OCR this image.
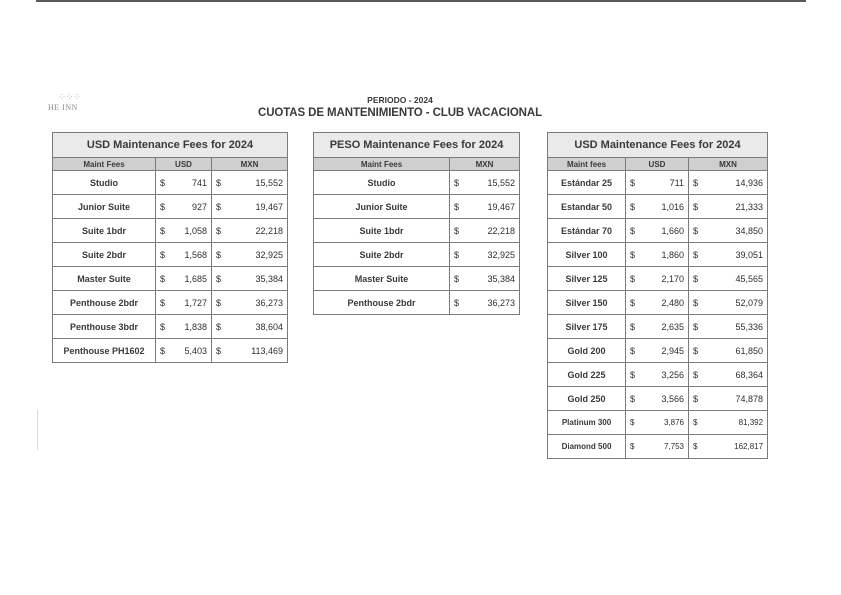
⁘⁘⁘
HE INN
PERIODO - 2024
CUOTAS DE MANTENIMIENTO - CLUB VACACIONAL
USD Maintenance Fees for 2024				
Maint Fees	USD		MXN	
Studio	$	741	$	15,552
Junior Suite	$	927	$	19,467
Suite 1bdr	$	1,058	$	22,218
Suite 2bdr	$	1,568	$	32,925
Master Suite	$	1,685	$	35,384
Penthouse 2bdr	$	1,727	$	36,273
Penthouse 3bdr	$	1,838	$	38,604
Penthouse PH1602	$	5,403	$	113,469
PESO Maintenance Fees for 2024		
Maint Fees	MXN	
Studio	$	15,552
Junior Suite	$	19,467
Suite 1bdr	$	22,218
Suite 2bdr	$	32,925
Master Suite	$	35,384
Penthouse 2bdr	$	36,273
USD Maintenance Fees for 2024				
Maint fees	USD		MXN	
Estándar 25	$	711	$	14,936
Estandar 50	$	1,016	$	21,333
Estándar 70	$	1,660	$	34,850
Silver 100	$	1,860	$	39,051
Silver 125	$	2,170	$	45,565
Silver 150	$	2,480	$	52,079
Silver 175	$	2,635	$	55,336
Gold 200	$	2,945	$	61,850
Gold 225	$	3,256	$	68,364
Gold 250	$	3,566	$	74,878
Platinum 300	$	3,876	$	81,392
Diamond 500	$	7,753	$	162,817
